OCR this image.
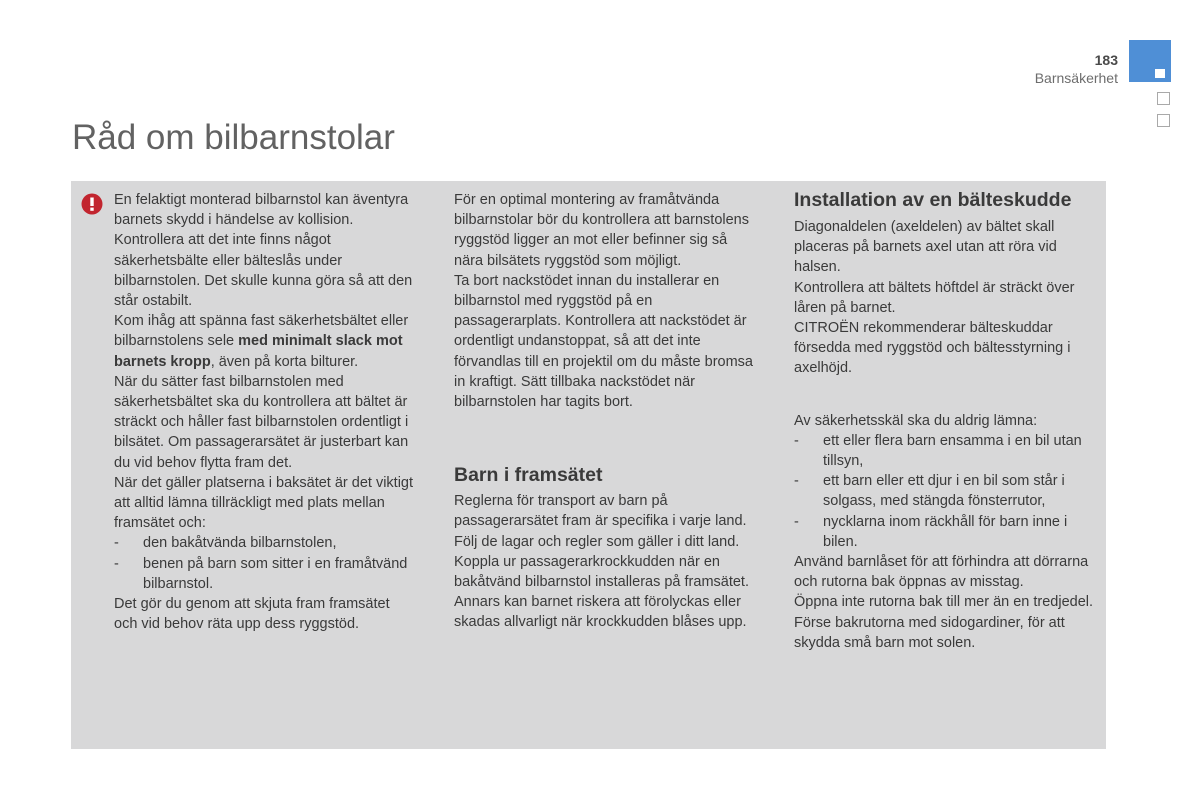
183
Barnsäkerhet
Råd om bilbarnstolar

En felaktigt monterad bilbarnstol kan äventyra barnets skydd i händelse av kollision.

Kontrollera att det inte finns något säkerhetsbälte eller bälteslås under bilbarnstolen. Det skulle kunna göra så att den står ostabilt.

Kom ihåg att spänna fast säkerhetsbältet eller bilbarnstolens sele med minimalt slack mot barnets kropp, även på korta bilturer.

När du sätter fast bilbarnstolen med säkerhetsbältet ska du kontrollera att bältet är sträckt och håller fast bilbarnstolen ordentligt i bilsätet. Om passagerarsätet är justerbart kan du vid behov flytta fram det.

När det gäller platserna i baksätet är det viktigt att alltid lämna tillräckligt med plats mellan framsätet och:

- den bakåtvända bilbarnstolen,

- benen på barn som sitter i en framåtvänd bilbarnstol.

Det gör du genom att skjuta fram framsätet och vid behov räta upp dess ryggstöd.

För en optimal montering av framåtvända bilbarnstolar bör du kontrollera att barnstolens ryggstöd ligger an mot eller befinner sig så nära bilsätets ryggstöd som möjligt.

Ta bort nackstödet innan du installerar en bilbarnstol med ryggstöd på en passagerarplats. Kontrollera att nackstödet är ordentligt undanstoppat, så att det inte förvandlas till en projektil om du måste bromsa in kraftigt. Sätt tillbaka nackstödet när bilbarnstolen har tagits bort.

Barn i framsätet

Reglerna för transport av barn på passagerarsätet fram är specifika i varje land.

Följ de lagar och regler som gäller i ditt land.

Koppla ur passagerarkrockkudden när en bakåtvänd bilbarnstol installeras på framsätet. Annars kan barnet riskera att förolyckas eller skadas allvarligt när krockkudden blåses upp.

Installation av en bälteskudde

Diagonaldelen (axeldelen) av bältet skall placeras på barnets axel utan att röra vid halsen.

Kontrollera att bältets höftdel är sträckt över låren på barnet.

CITROËN rekommenderar bälteskuddar försedda med ryggstöd och bältesstyrning i axelhöjd.

Av säkerhetsskäl ska du aldrig lämna:

- ett eller flera barn ensamma i en bil utan tillsyn,

- ett barn eller ett djur i en bil som står i solgass, med stängda fönsterrutor,

- nycklarna inom räckhåll för barn inne i bilen.

Använd barnlåset för att förhindra att dörrarna och rutorna bak öppnas av misstag.

Öppna inte rutorna bak till mer än en tredjedel.

Förse bakrutorna med sidogardiner, för att skydda små barn mot solen.
